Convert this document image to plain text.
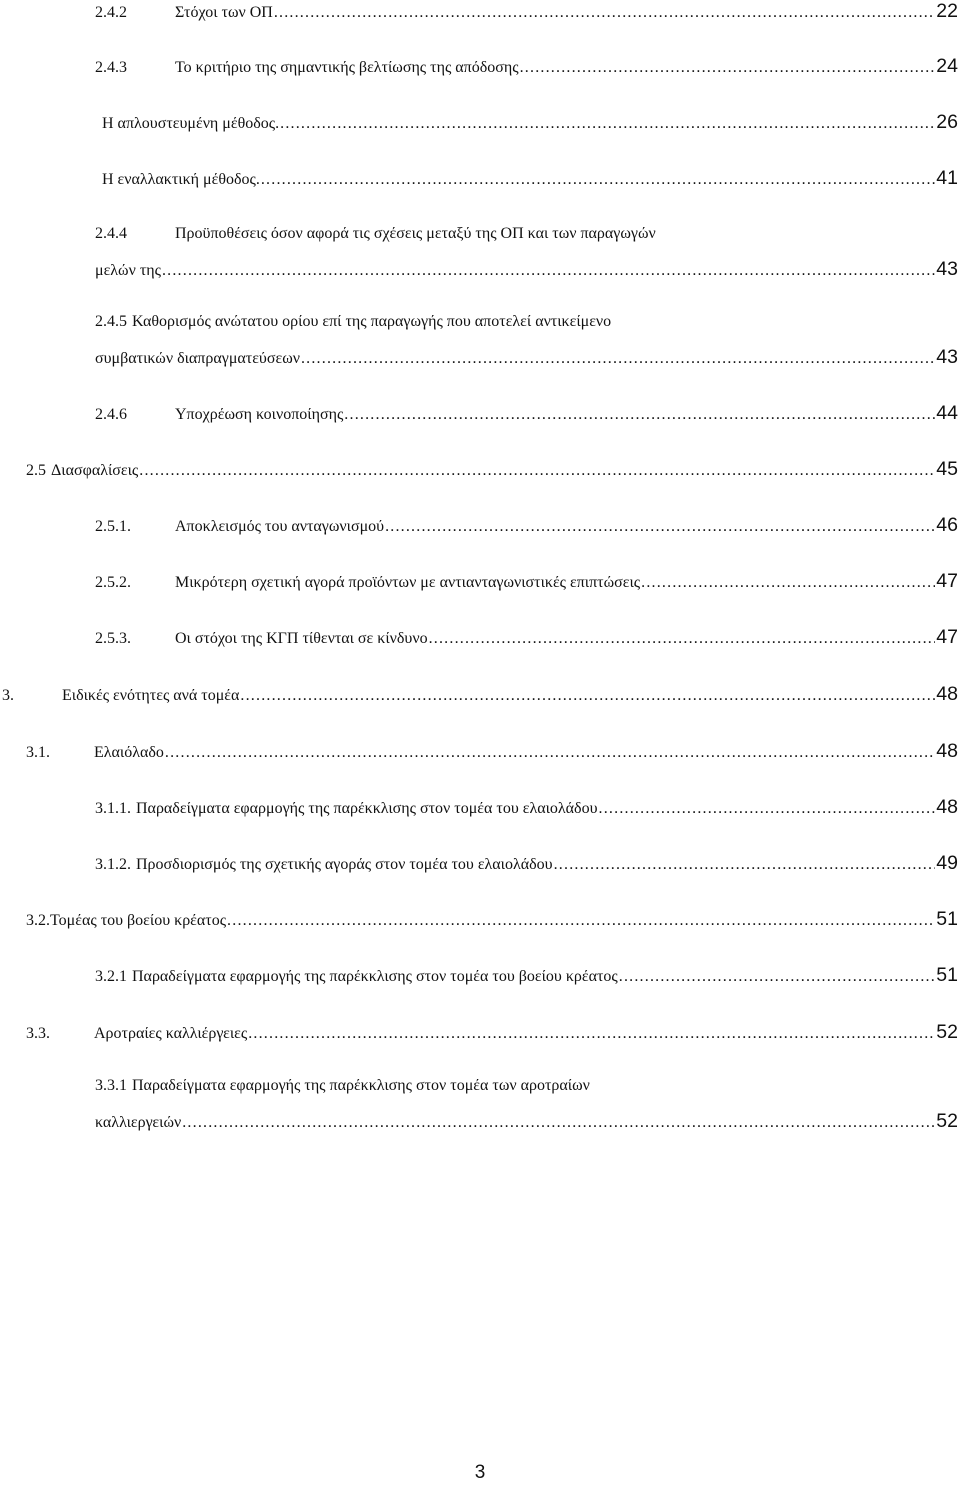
2.4.2	Στόχοι των ΟΠ .....	22
2.4.3	Το κριτήριο της σημαντικής βελτίωσης της απόδοσης .....	24
Η απλουστευμένη μέθοδος. .....	26
Η εναλλακτική μέθοδος. .....	41
2.4.4	Προϋποθέσεις όσον αφορά τις σχέσεις μεταξύ της ΟΠ και των παραγωγών
μελών της .....	43
2.4.5 Καθορισμός ανώτατου ορίου επί της παραγωγής που αποτελεί αντικείμενο
συμβατικών διαπραγματεύσεων .....	43
2.4.6	Υποχρέωση κοινοποίησης .....	44
2.5 Διασφαλίσεις .....	45
2.5.1.	Αποκλεισμός του ανταγωνισμού .....	46
2.5.2.	Μικρότερη σχετική αγορά προϊόντων με αντιανταγωνιστικές επιπτώσεις .....	47
2.5.3.	Οι στόχοι της ΚΓΠ τίθενται σε κίνδυνο .....	47
3.	Ειδικές ενότητες ανά τομέα .....	48
3.1.	Ελαιόλαδο .....	48
3.1.1. Παραδείγματα εφαρμογής της παρέκκλισης στον τομέα του ελαιολάδου .....	48
3.1.2. Προσδιορισμός της σχετικής αγοράς στον τομέα του ελαιολάδου .....	49
3.2. Τομέας του βοείου κρέατος .....	51
3.2.1 Παραδείγματα εφαρμογής της παρέκκλισης στον τομέα του βοείου κρέατος .....	51
3.3.	Αροτραίες καλλιέργειες .....	52
3.3.1 Παραδείγματα εφαρμογής της παρέκκλισης στον τομέα των αροτραίων
καλλιεργειών .....	52
3
